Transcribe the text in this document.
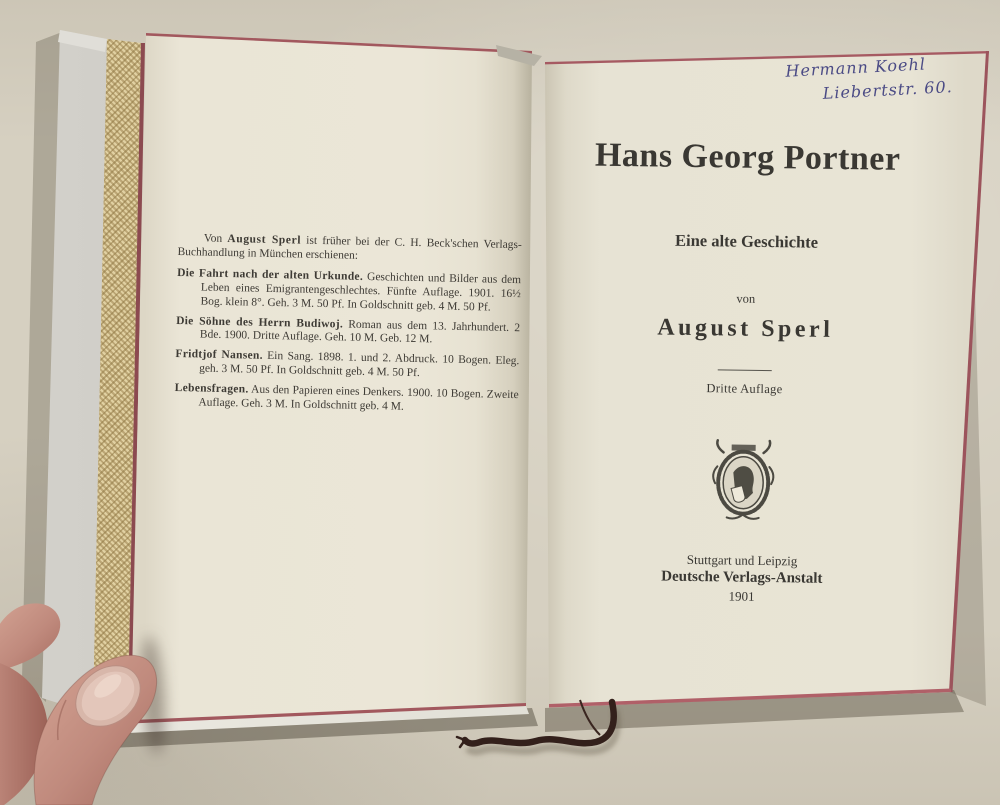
Von August Sperl ist früher bei der C. H. Beck'schen Verlags-Buchhandlung in München erschienen:
Die Fahrt nach der alten Urkunde. Geschichten und Bilder aus dem Leben eines Emigrantengeschlechtes. Fünfte Auflage. 1901. 16½ Bog. klein 8°. Geh. 3 M. 50 Pf. In Goldschnitt geb. 4 M. 50 Pf.
Die Söhne des Herrn Budiwoj. Roman aus dem 13. Jahrhundert. 2 Bde. 1900. Dritte Auflage. Geh. 10 M. Geb. 12 M.
Fridtjof Nansen. Ein Sang. 1898. 1. und 2. Abdruck. 10 Bogen. Eleg. geh. 3 M. 50 Pf. In Goldschnitt geb. 4 M. 50 Pf.
Lebensfragen. Aus den Papieren eines Denkers. 1900. 10 Bogen. Zweite Auflage. Geh. 3 M. In Goldschnitt geb. 4 M.
Hermann Koehl
Liebertstr. 60.
Hans Georg Portner
Eine alte Geschichte
von
August Sperl
Dritte Auflage
Stuttgart und Leipzig
Deutsche Verlags-Anstalt
1901
